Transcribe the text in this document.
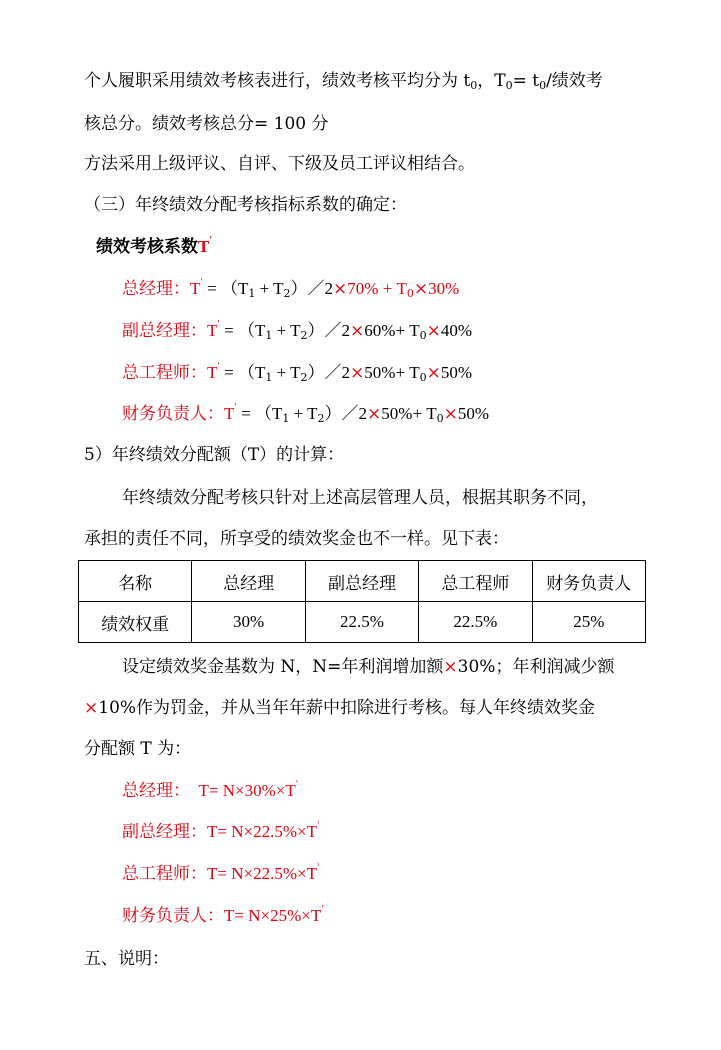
个人履职采用绩效考核表进行，绩效考核平均分为 $t_0$，$T_0= t_0/$绩效考
核总分。绩效考核总分= 100 分
方法采用上级评议、自评、下级及员工评议相结合。
（三）年终绩效分配考核指标系数的确定：
绩效考核系数T'
总经理：$T' = (T_1$ + $T_2)/2\times 70\% + T_0\times 30\%$
副总经理：$T' = (T_1$ + $T_2)/2\times 60\%+ T_0\times 40\%$
总工程师：$T' = (T_1$ + $T_2)/2\times 50\%+ T_0\times 50\%$
财务负责人：$T' = (T_1$ + $T_2)/2\times 50\%+ T_0\times 50\%$
5）年终绩效分配额（T）的计算：
年终绩效分配考核只针对上述高层管理人员，根据其职务不同，
承担的责任不同，所享受的绩效奖金也不一样。见下表：
名称	总经理	副总经理	总工程师	财务负责人
绩效权重	30%	22.5%	22.5%	25%
设定绩效奖金基数为 N，N=年利润增加额×30%；年利润减少额
×10%作为罚金，并从当年年薪中扣除进行考核。每人年终绩效奖金
分配额 T 为：
总经理：  T= N×30%×T'
副总经理：T= N×22.5%×T'
总工程师：T= N×22.5%×T'
财务负责人：T= N×25%×T'
五、说明：
